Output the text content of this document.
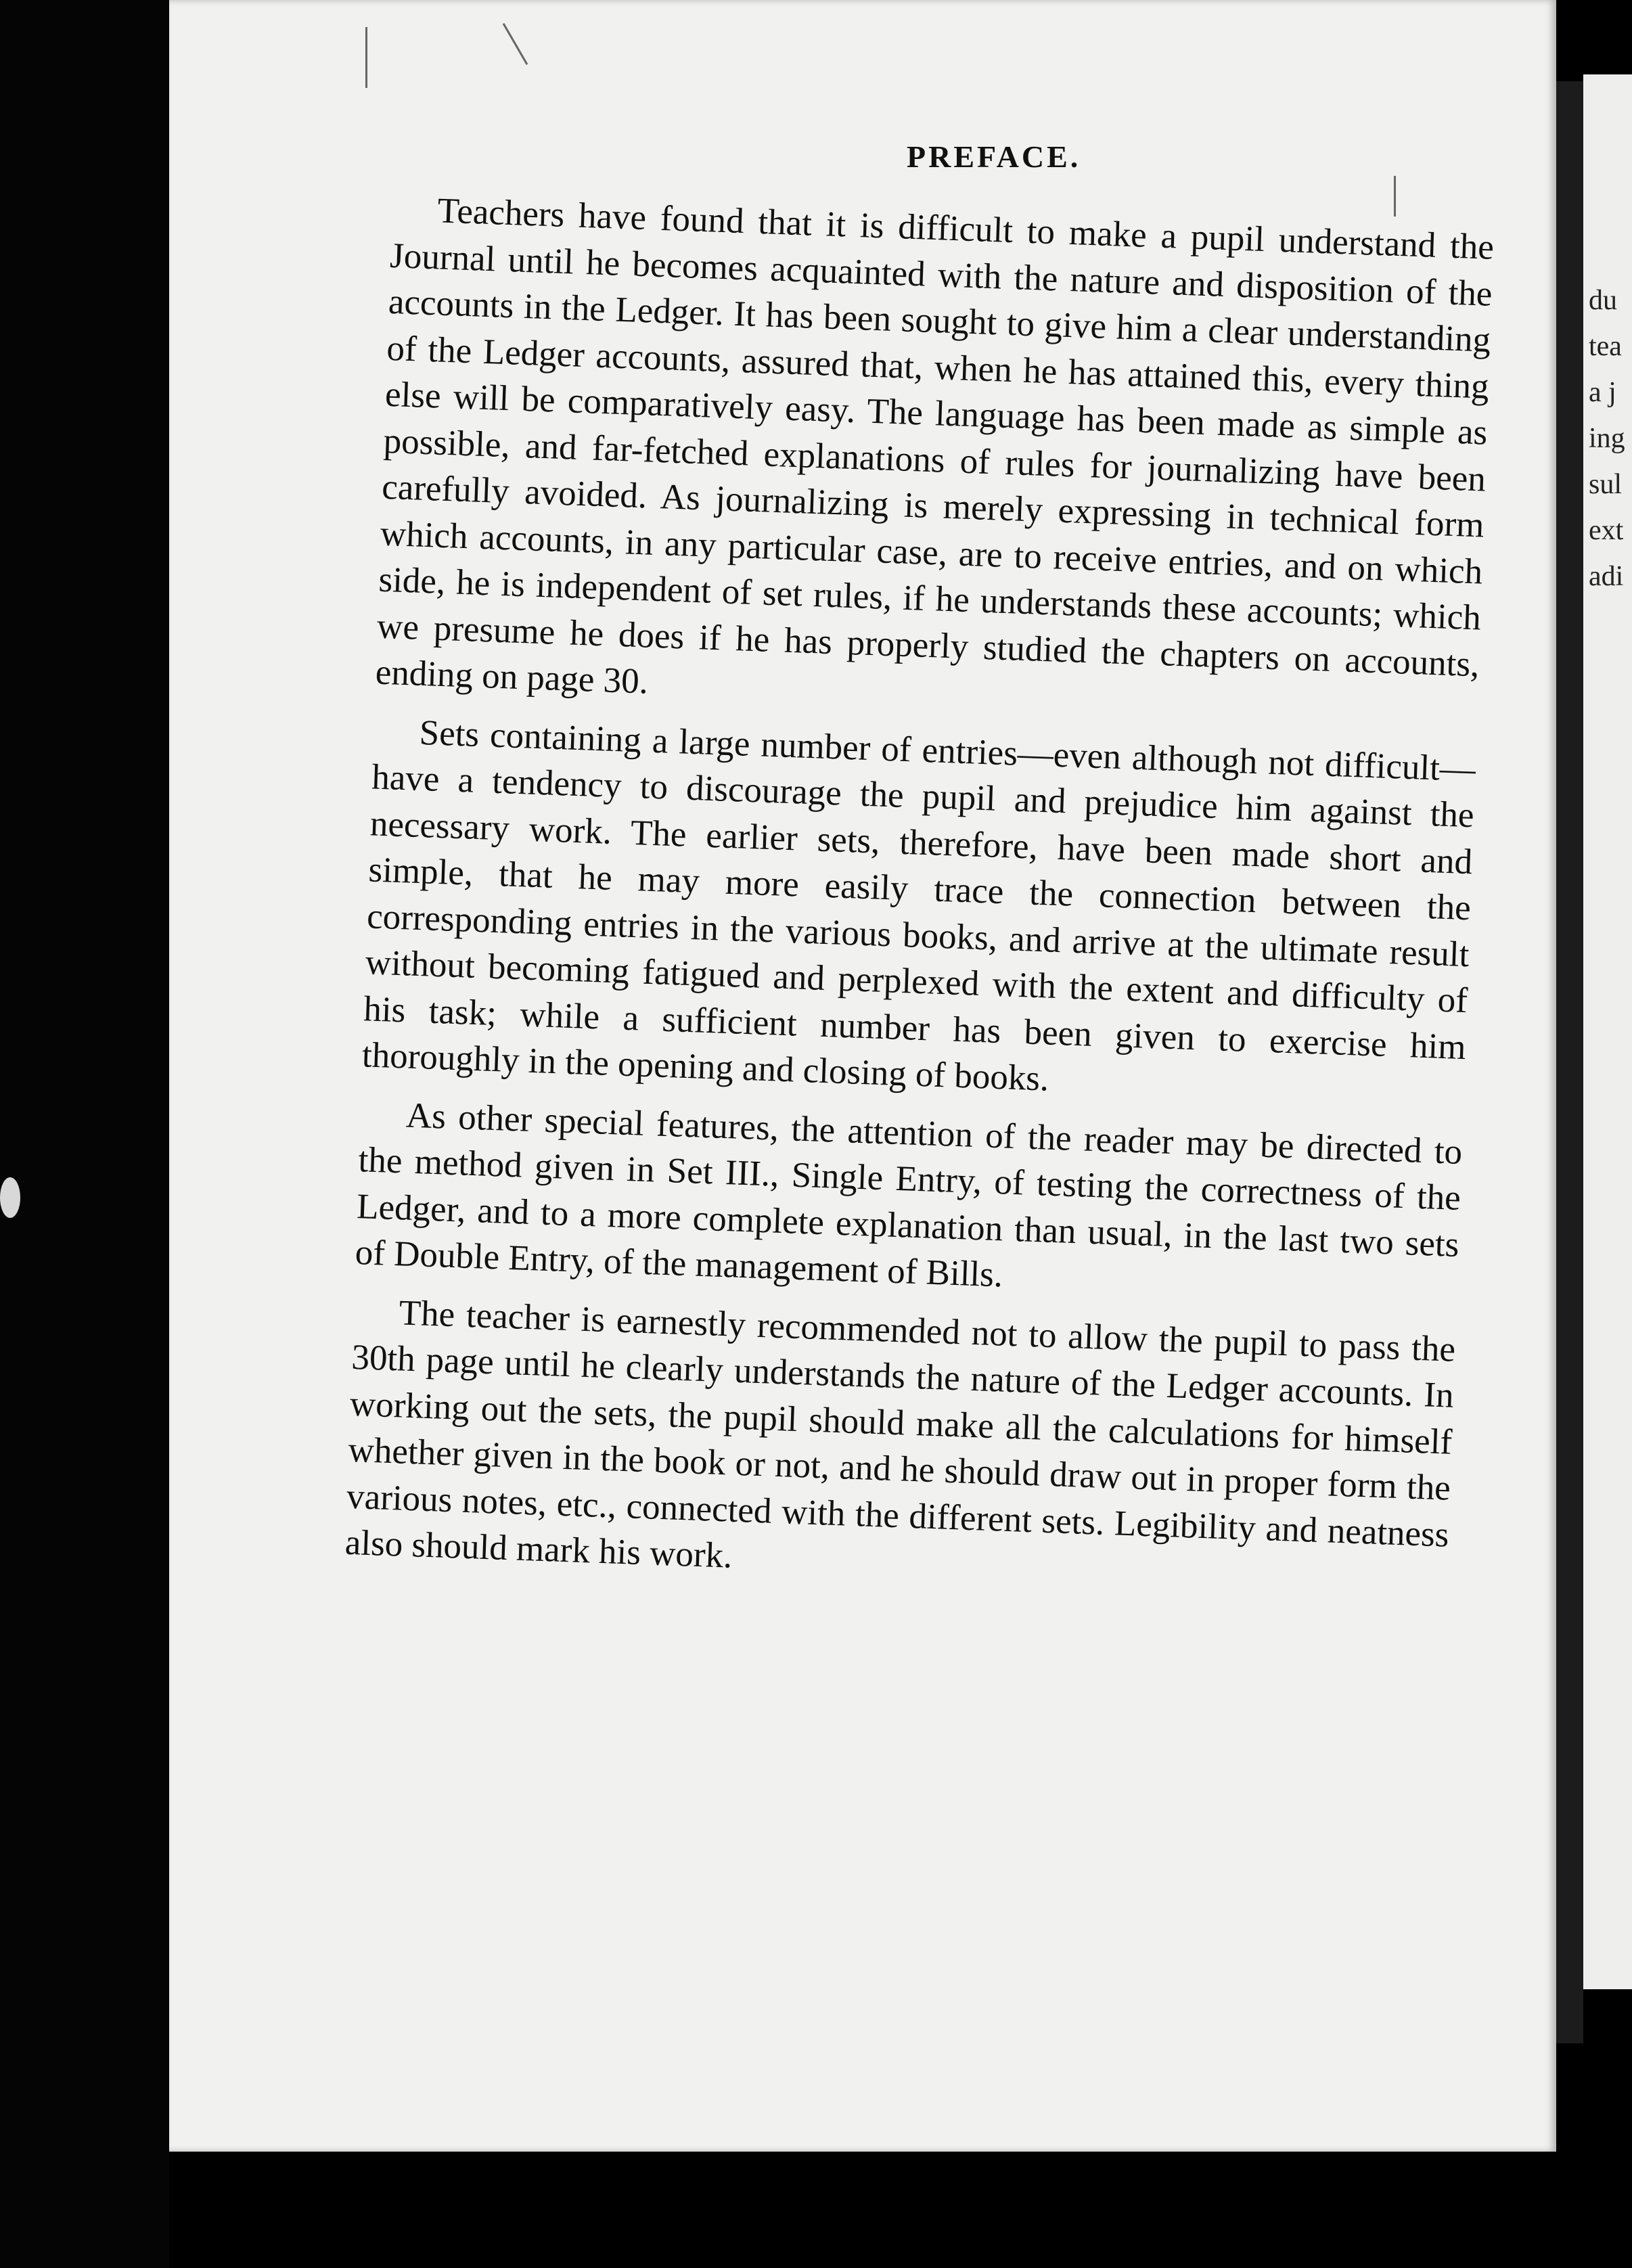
du
tea
a j
ing
sul
ext
adi
PREFACE.

Teachers have found that it is difficult to make a pupil understand the Journal until he becomes acquainted with the nature and disposition of the accounts in the Ledger. It has been sought to give him a clear understanding of the Ledger accounts, assured that, when he has attained this, every thing else will be comparatively easy. The language has been made as simple as possible, and far-fetched explanations of rules for journalizing have been carefully avoided. As journalizing is merely expressing in technical form which accounts, in any particular case, are to receive entries, and on which side, he is independent of set rules, if he understands these accounts; which we presume he does if he has properly studied the chapters on accounts, ending on page 30.

Sets containing a large number of entries—even although not difficult—have a tendency to discourage the pupil and prejudice him against the necessary work. The earlier sets, therefore, have been made short and simple, that he may more easily trace the connection between the corresponding entries in the various books, and arrive at the ultimate result without becoming fatigued and perplexed with the extent and difficulty of his task; while a sufficient number has been given to exercise him thoroughly in the opening and closing of books.

As other special features, the attention of the reader may be directed to the method given in Set III., Single Entry, of testing the correctness of the Ledger, and to a more complete explanation than usual, in the last two sets of Double Entry, of the management of Bills.

The teacher is earnestly recommended not to allow the pupil to pass the 30th page until he clearly understands the nature of the Ledger accounts. In working out the sets, the pupil should make all the calculations for himself whether given in the book or not, and he should draw out in proper form the various notes, etc., connected with the different sets. Legibility and neatness also should mark his work.
